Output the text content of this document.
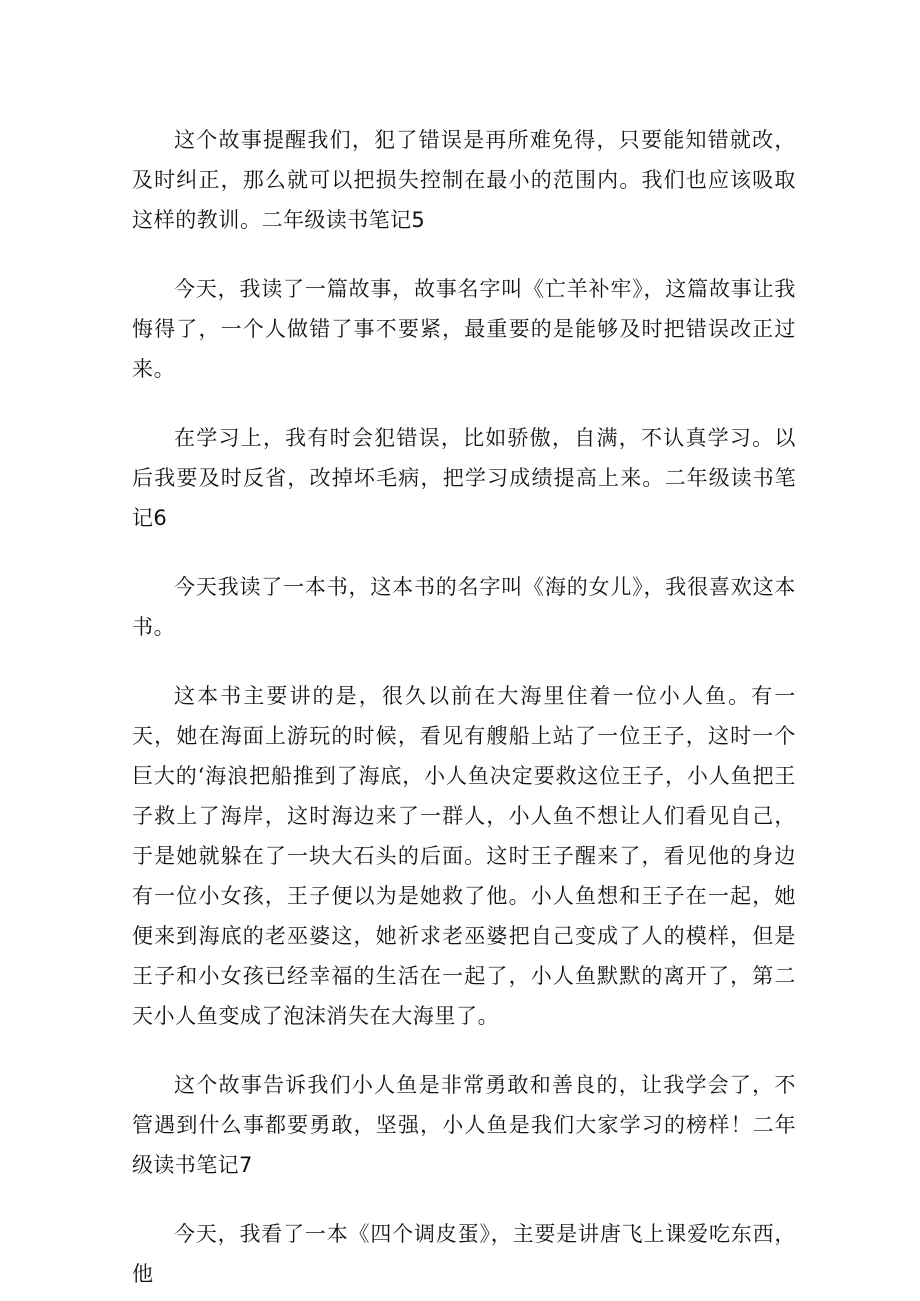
这个故事提醒我们，犯了错误是再所难免得，只要能知错就改，及时纠正，那么就可以把损失控制在最小的范围内。我们也应该吸取这样的教训。二年级读书笔记5

今天，我读了一篇故事，故事名字叫《亡羊补牢》，这篇故事让我悔得了，一个人做错了事不要紧，最重要的是能够及时把错误改正过来。

在学习上，我有时会犯错误，比如骄傲，自满，不认真学习。以后我要及时反省，改掉坏毛病，把学习成绩提高上来。二年级读书笔记6

今天我读了一本书，这本书的名字叫《海的女儿》，我很喜欢这本书。

这本书主要讲的是，很久以前在大海里住着一位小人鱼。有一天，她在海面上游玩的时候，看见有艘船上站了一位王子，这时一个巨大的‘海浪把船推到了海底，小人鱼决定要救这位王子，小人鱼把王子救上了海岸，这时海边来了一群人，小人鱼不想让人们看见自己，于是她就躲在了一块大石头的后面。这时王子醒来了，看见他的身边有一位小女孩，王子便以为是她救了他。小人鱼想和王子在一起，她便来到海底的老巫婆这，她祈求老巫婆把自己变成了人的模样，但是王子和小女孩已经幸福的生活在一起了，小人鱼默默的离开了，第二天小人鱼变成了泡沫消失在大海里了。

这个故事告诉我们小人鱼是非常勇敢和善良的，让我学会了，不管遇到什么事都要勇敢，坚强，小人鱼是我们大家学习的榜样！二年级读书笔记7

今天，我看了一本《四个调皮蛋》，主要是讲唐飞上课爱吃东西，他
